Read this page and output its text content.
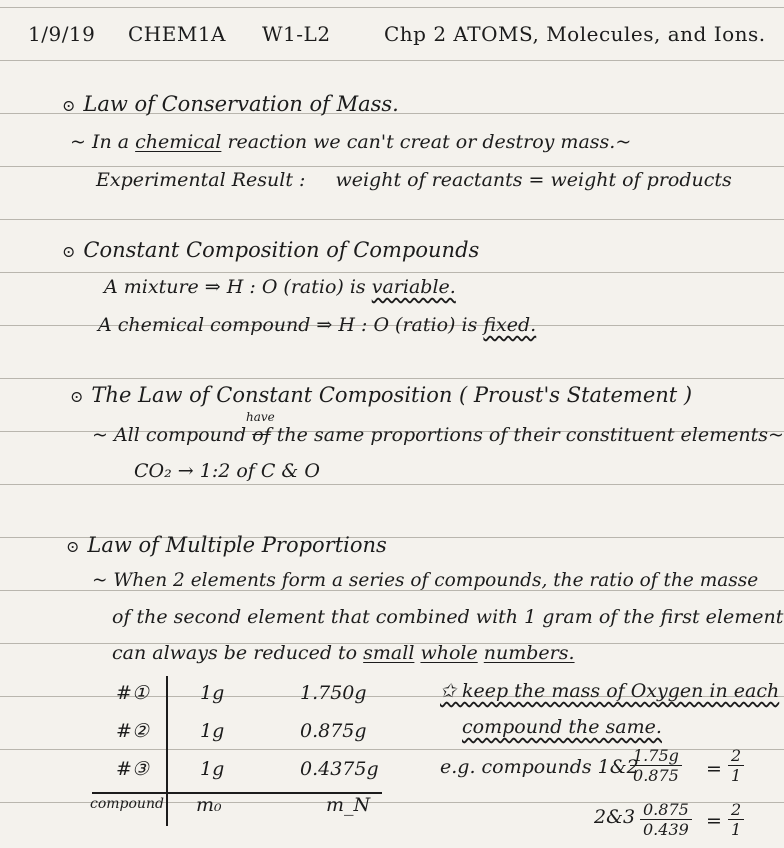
1/9/19 CHEM1A W1-L2	Chp 2 ATOMS, Molecules, and Ions.
⊙ Law of Conservation of Mass.
~ In a chemical reaction we can't creat or destroy mass.~
Experimental Result : weight of reactants = weight of products
⊙ Constant Composition of Compounds
A mixture ⇒ H : O (ratio) is variable.
A chemical compound ⇒ H : O (ratio) is fixed.
⊙ The Law of Constant Composition ( Proust's Statement )
have
~ All compound of the same proportions of their constituent elements~
CO₂ → 1:2 of C & O
⊙ Law of Multiple Proportions
~ When 2 elements form a series of compounds, the ratio of the masse
of the second element that combined with 1 gram of the first element
can always be reduced to small whole numbers.
#①	1g	1.750g
#②	1g	0.875g
#③	1g	0.4375g
compound m₀	m_N
✩ keep the mass of Oxygen in each
compound the same.
e.g. compounds 1&2
$\frac{1.75g}{0.875} = \frac{2}{1}$
2&3 $\frac{0.875}{0.439} = \frac{2}{1}$
